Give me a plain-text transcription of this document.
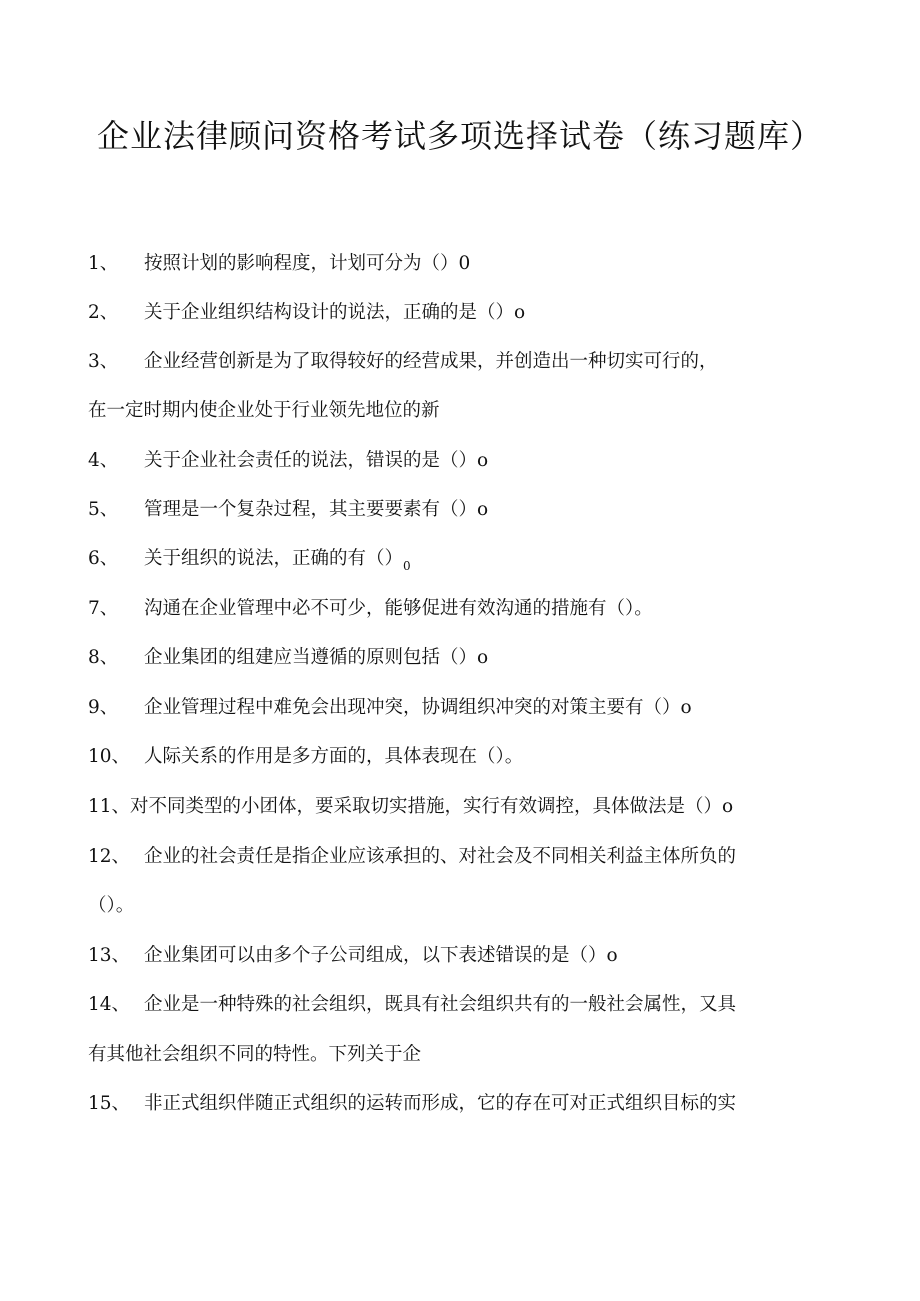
企业法律顾问资格考试多项选择试卷（练习题库）
1、 按照计划的影响程度，计划可分为（）0
2、 关于企业组织结构设计的说法，正确的是（）o
3、 企业经营创新是为了取得较好的经营成果，并创造出一种切实可行的，
在一定时期内使企业处于行业领先地位的新
4、 关于企业社会责任的说法，错误的是（）o
5、 管理是一个复杂过程，其主要要素有（）o
6、 关于组织的说法，正确的有$()_0$
7、 沟通在企业管理中必不可少，能够促进有效沟通的措施有（）。
8、 企业集团的组建应当遵循的原则包括（）o
9、 企业管理过程中难免会出现冲突，协调组织冲突的对策主要有（）o
10、 人际关系的作用是多方面的，具体表现在（）。
11、对不同类型的小团体，要采取切实措施，实行有效调控，具体做法是（）o
12、 企业的社会责任是指企业应该承担的、对社会及不同相关利益主体所负的
（）。
13、 企业集团可以由多个子公司组成，以下表述错误的是（）o
14、 企业是一种特殊的社会组织，既具有社会组织共有的一般社会属性，又具
有其他社会组织不同的特性。下列关于企
15、 非正式组织伴随正式组织的运转而形成，它的存在可对正式组织目标的实
